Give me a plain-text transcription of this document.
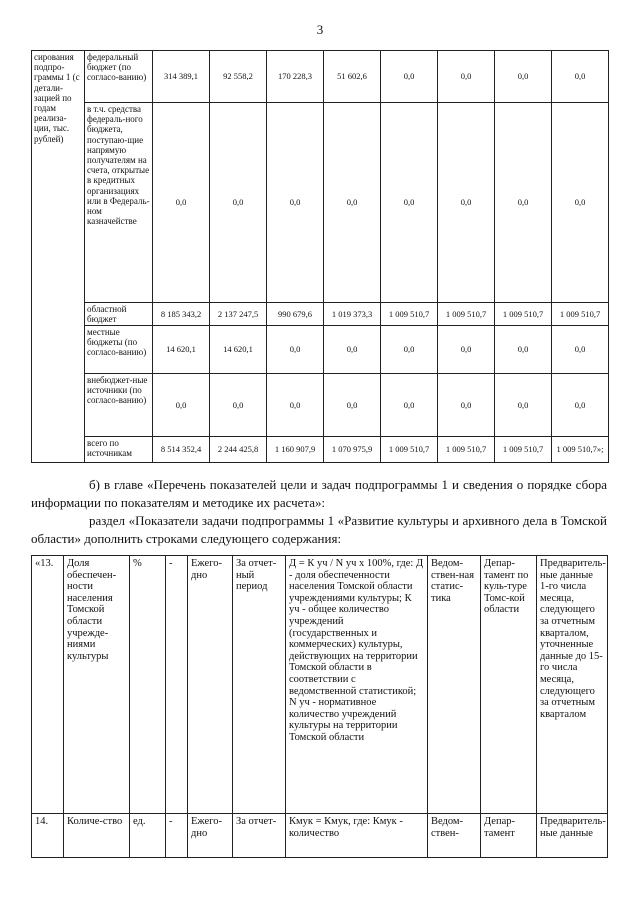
3
сирования подпро-граммы 1 (с детали-зацией по годам реализа-ции, тыс. рублей)	федеральный бюджет (по согласо-ванию)	314 389,1	92 558,2	170 228,3	51 602,6	0,0	0,0	0,0	0,0
	в т.ч. средства федераль-ного бюджета, поступаю-щие напрямую получателям на счета, открытые в кредитных организациях или в Федераль-ном казначействе	0,0	0,0	0,0	0,0	0,0	0,0	0,0	0,0
	областной бюджет	8 185 343,2	2 137 247,5	990 679,6	1 019 373,3	1 009 510,7	1 009 510,7	1 009 510,7	1 009 510,7
	местные бюджеты (по согласо-ванию)	14 620,1	14 620,1	0,0	0,0	0,0	0,0	0,0	0,0
	внебюджет-ные источники (по согласо-ванию)	0,0	0,0	0,0	0,0	0,0	0,0	0,0	0,0
	всего по источникам	8 514 352,4	2 244 425,8	1 160 907,9	1 070 975,9	1 009 510,7	1 009 510,7	1 009 510,7	1 009 510,7»;
б) в главе «Перечень показателей цели и задач подпрограммы 1 и сведения о порядке сбора информации по показателям и методике их расчета»:
раздел «Показатели задачи подпрограммы 1 «Развитие культуры и архивного дела в Томской области» дополнить строками следующего содержания:
«13.	Доля обеспечен-ности населения Томской области учрежде-ниями культуры	%	-	Ежего-дно	За отчет-ный период	Д = К уч / N уч х 100%, где: Д - доля обеспеченности населения Томской области учреждениями культуры; К уч - общее количество учреждений (государственных и коммерческих) культуры, действующих на территории Томской области в соответствии с ведомственной статистикой; N уч - нормативное количество учреждений культуры на территории Томской области	Ведом-ствен-ная статис-тика	Депар-тамент по куль-туре Томс-кой области	Предваритель-ные данные 1-го числа месяца, следующего за отчетным кварталом, уточненные данные до 15-го числа месяца, следующего за отчетным кварталом
14.	Количе-ство	ед.	-	Ежего-дно	За отчет-	Кмук = Кмук, где: Кмук - количество	Ведом-ствен-	Депар-тамент	Предваритель-ные данные
